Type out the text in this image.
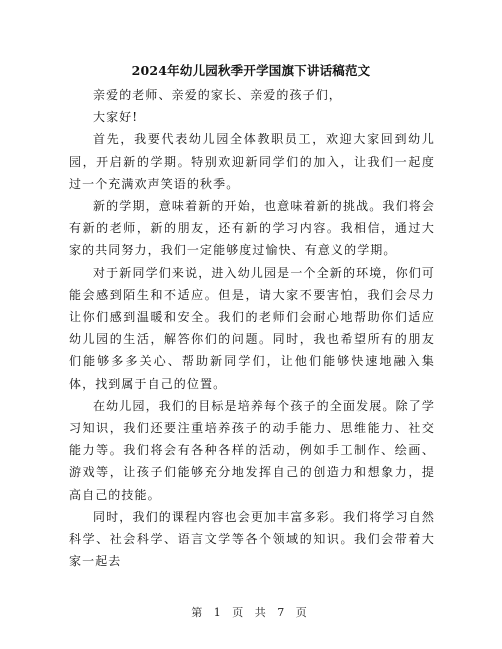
2024年幼儿园秋季开学国旗下讲话稿范文

亲爱的老师、亲爱的家长、亲爱的孩子们，

大家好!

首先，我要代表幼儿园全体教职员工，欢迎大家回到幼儿园，开启新的学期。特别欢迎新同学们的加入，让我们一起度过一个充满欢声笑语的秋季。

新的学期，意味着新的开始，也意味着新的挑战。我们将会有新的老师，新的朋友，还有新的学习内容。我相信，通过大家的共同努力，我们一定能够度过愉快、有意义的学期。

对于新同学们来说，进入幼儿园是一个全新的环境，你们可能会感到陌生和不适应。但是，请大家不要害怕，我们会尽力让你们感到温暖和安全。我们的老师们会耐心地帮助你们适应幼儿园的生活，解答你们的问题。同时，我也希望所有的朋友们能够多多关心、帮助新同学们，让他们能够快速地融入集体，找到属于自己的位置。

在幼儿园，我们的目标是培养每个孩子的全面发展。除了学习知识，我们还要注重培养孩子的动手能力、思维能力、社交能力等。我们将会有各种各样的活动，例如手工制作、绘画、游戏等，让孩子们能够充分地发挥自己的创造力和想象力，提高自己的技能。

同时，我们的课程内容也会更加丰富多彩。我们将学习自然科学、社会科学、语言文学等各个领域的知识。我们会带着大家一起去

第 1 页 共 7 页
